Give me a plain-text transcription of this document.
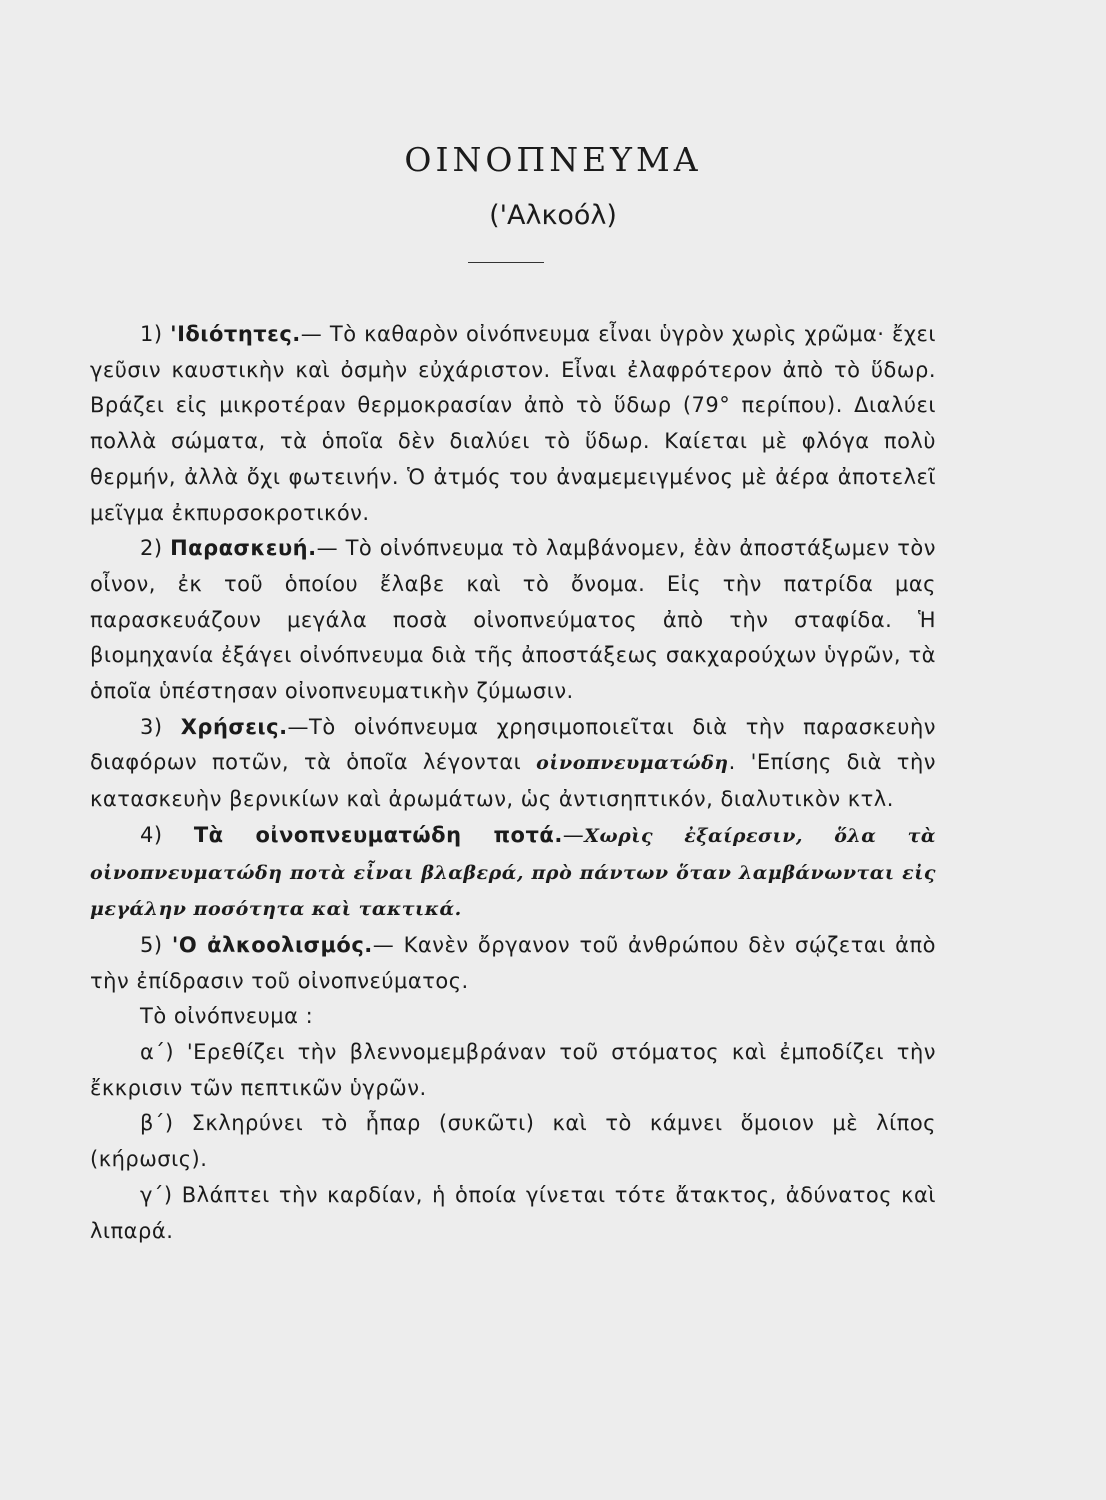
ΟΙΝΟΠΝΕΥΜΑ
('Αλκοόλ)

1) 'Ιδιότητες.— Τὸ καθαρὸν οἰνόπνευμα εἶναι ὑγρὸν χωρὶς χρῶμα· ἔχει γεῦσιν καυστικὴν καὶ ὀσμὴν εὐχάριστον. Εἶναι ἐλαφρότερον ἀπὸ τὸ ὕδωρ. Βράζει εἰς μικροτέραν θερμοκρασίαν ἀπὸ τὸ ὕδωρ (79° περίπου). Διαλύει πολλὰ σώματα, τὰ ὁποῖα δὲν διαλύει τὸ ὕδωρ. Καίεται μὲ φλόγα πολὺ θερμήν, ἀλλὰ ὄχι φωτεινήν. Ὁ ἀτμός του ἀναμεμειγμένος μὲ ἀέρα ἀποτελεῖ μεῖγμα ἐκπυρσοκροτικόν.

2) Παρασκευή.— Τὸ οἰνόπνευμα τὸ λαμβάνομεν, ἐὰν ἀποστάξωμεν τὸν οἶνον, ἐκ τοῦ ὁποίου ἔλαβε καὶ τὸ ὄνομα. Εἰς τὴν πατρίδα μας παρασκευάζουν μεγάλα ποσὰ οἰνοπνεύματος ἀπὸ τὴν σταφίδα. Ἡ βιομηχανία ἐξάγει οἰνόπνευμα διὰ τῆς ἀποστάξεως σακχαρούχων ὑγρῶν, τὰ ὁποῖα ὑπέστησαν οἰνοπνευματικὴν ζύμωσιν.

3) Χρήσεις.—Τὸ οἰνόπνευμα χρησιμοποιεῖται διὰ τὴν παρασκευὴν διαφόρων ποτῶν, τὰ ὁποῖα λέγονται οἰνοπνευματώδη. 'Επίσης διὰ τὴν κατασκευὴν βερνικίων καὶ ἀρωμάτων, ὡς ἀντισηπτικόν, διαλυτικὸν κτλ.

4) Τὰ οἰνοπνευματώδη ποτά.—Χωρὶς ἐξαίρεσιν, ὅλα τὰ οἰνοπνευματώδη ποτὰ εἶναι βλαβερά, πρὸ πάντων ὅταν λαμβάνωνται εἰς μεγάλην ποσότητα καὶ τακτικά.

5) 'Ο ἀλκοολισμός.— Κανὲν ὄργανον τοῦ ἀνθρώπου δὲν σῴζεται ἀπὸ τὴν ἐπίδρασιν τοῦ οἰνοπνεύματος.

Τὸ οἰνόπνευμα :

α΄) 'Ερεθίζει τὴν βλεννομεμβράναν τοῦ στόματος καὶ ἐμποδίζει τὴν ἔκκρισιν τῶν πεπτικῶν ὑγρῶν.

β΄) Σκληρύνει τὸ ἧπαρ (συκῶτι) καὶ τὸ κάμνει ὅμοιον μὲ λίπος (κήρωσις).

γ΄) Βλάπτει τὴν καρδίαν, ἡ ὁποία γίνεται τότε ἄτακτος, ἀδύνατος καὶ λιπαρά.
